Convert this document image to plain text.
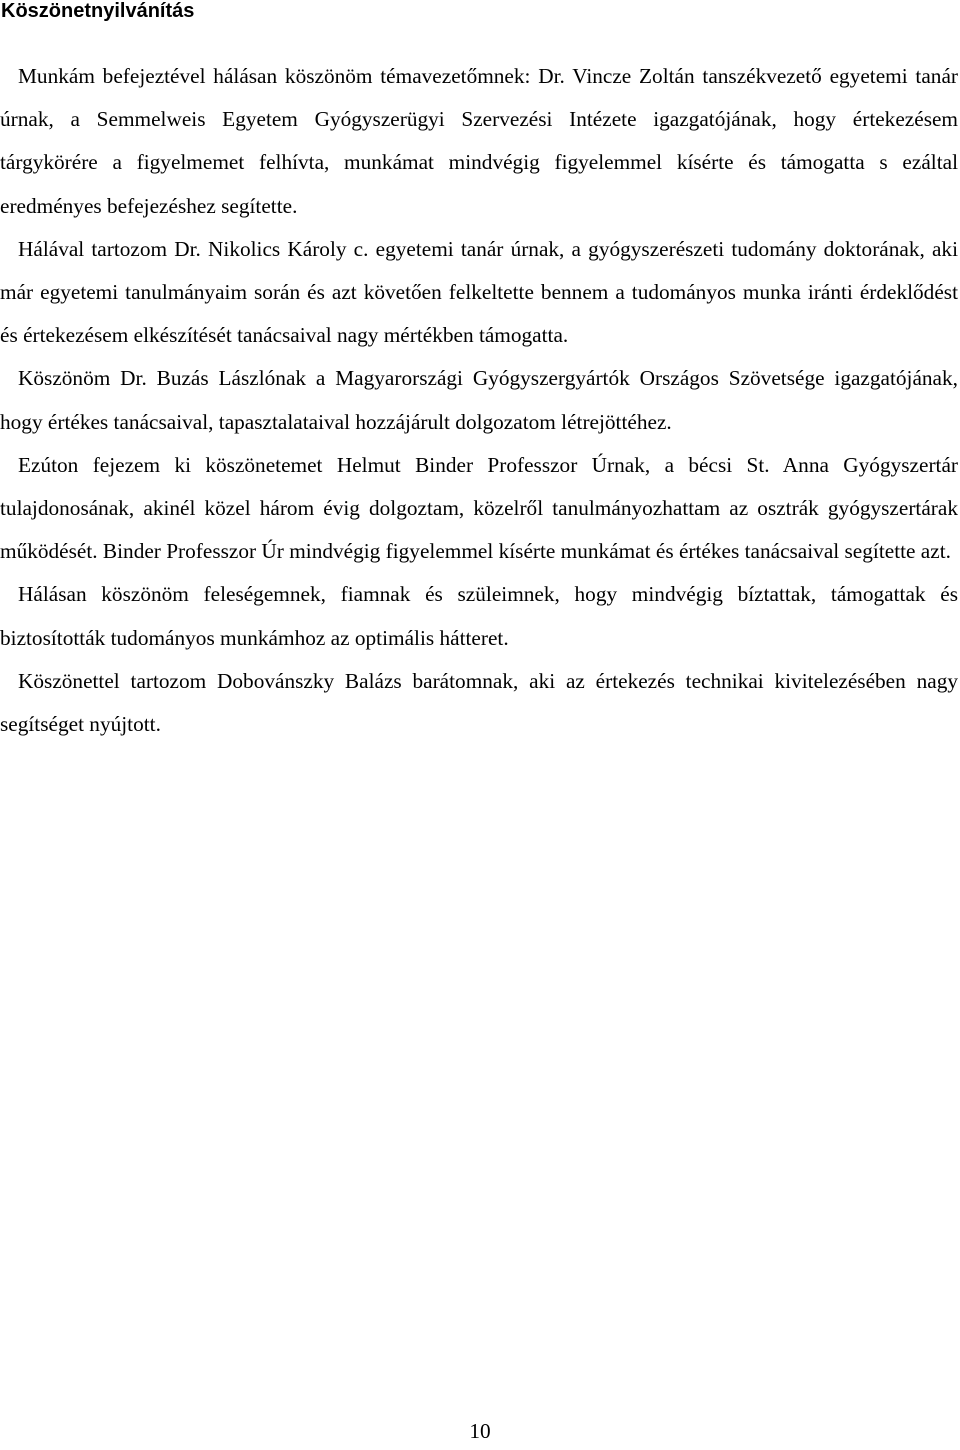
Köszönetnyilvánítás

Munkám befejeztével hálásan köszönöm témavezetőmnek: Dr. Vincze Zoltán tanszékvezető egyetemi tanár úrnak, a Semmelweis Egyetem Gyógyszerügyi Szervezési Intézete igazgatójának, hogy értekezésem tárgykörére a figyelmemet felhívta, munkámat mindvégig figyelemmel kísérte és támogatta s ezáltal eredményes befejezéshez segítette.

Hálával tartozom Dr. Nikolics Károly c. egyetemi tanár úrnak, a gyógyszerészeti tudomány doktorának, aki már egyetemi tanulmányaim során és azt követően felkeltette bennem a tudományos munka iránti érdeklődést és értekezésem elkészítését tanácsaival nagy mértékben támogatta.

Köszönöm Dr. Buzás Lászlónak a Magyarországi Gyógyszergyártók Országos Szövetsége igazgatójának, hogy értékes tanácsaival, tapasztalataival hozzájárult dolgozatom létrejöttéhez.

Ezúton fejezem ki köszönetemet Helmut Binder Professzor Úrnak, a bécsi St. Anna Gyógyszertár tulajdonosának, akinél közel három évig dolgoztam, közelről tanulmányozhattam az osztrák gyógyszertárak működését. Binder Professzor Úr mindvégig figyelemmel kísérte munkámat és értékes tanácsaival segítette azt.

Hálásan köszönöm feleségemnek, fiamnak és szüleimnek, hogy mindvégig bíztattak, támogattak és biztosították tudományos munkámhoz az optimális hátteret.

Köszönettel tartozom Dobovánszky Balázs barátomnak, aki az értekezés technikai kivitelezésében nagy segítséget nyújtott.

10
